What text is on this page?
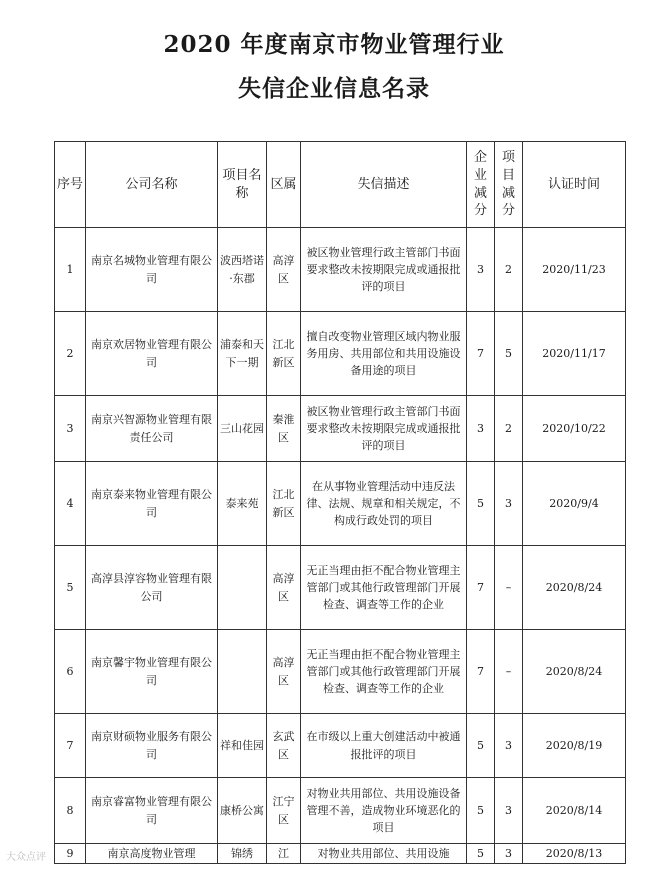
2020 年度南京市物业管理行业
失信企业信息名录
序号	公司名称	项目名称	区属	失信描述	企业减分	项目减分	认证时间
1	南京名城物业管理有限公司	波西塔诺·东郡	高淳区	被区物业管理行政主管部门书面要求整改未按期限完成或通报批评的项目	3	2	2020/11/23
2	南京欢居物业管理有限公司	浦泰和天下一期	江北新区	擅自改变物业管理区域内物业服务用房、共用部位和共用设施设备用途的项目	7	5	2020/11/17
3	南京兴智源物业管理有限责任公司	三山花园	秦淮区	被区物业管理行政主管部门书面要求整改未按期限完成或通报批评的项目	3	2	2020/10/22
4	南京泰来物业管理有限公司	泰来苑	江北新区	在从事物业管理活动中违反法律、法规、规章和相关规定，不构成行政处罚的项目	5	3	2020/9/4
5	高淳县淳容物业管理有限公司		高淳区	无正当理由拒不配合物业管理主管部门或其他行政管理部门开展检查、调查等工作的企业	7	–	2020/8/24
6	南京馨宇物业管理有限公司		高淳区	无正当理由拒不配合物业管理主管部门或其他行政管理部门开展检查、调查等工作的企业	7	–	2020/8/24
7	南京财硕物业服务有限公司	祥和佳园	玄武区	在市级以上重大创建活动中被通报批评的项目	5	3	2020/8/19
8	南京睿富物业管理有限公司	康桥公寓	江宁区	对物业共用部位、共用设施设备管理不善，造成物业环境恶化的项目	5	3	2020/8/14
9	南京高度物业管理	锦绣	江	对物业共用部位、共用设施	5	3	2020/8/13
大众点评
